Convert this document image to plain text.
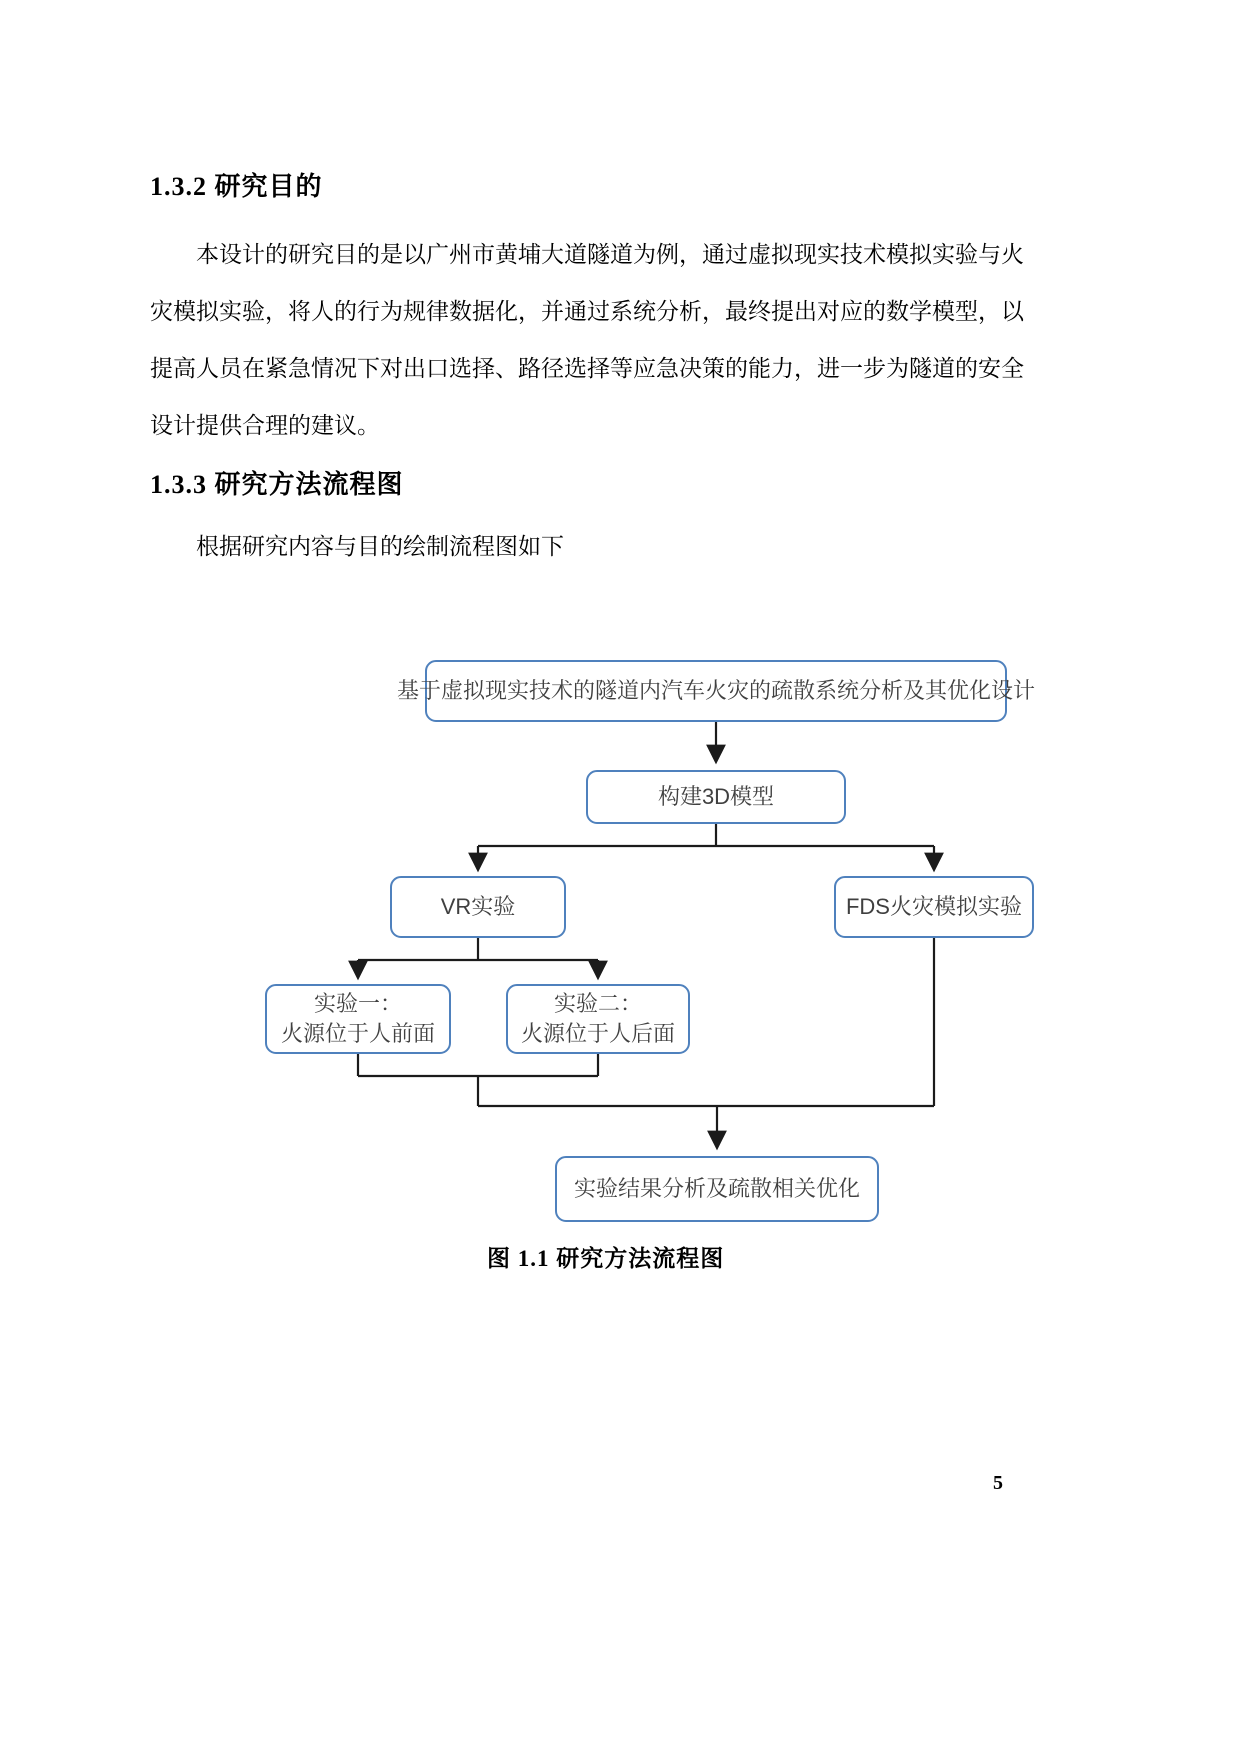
1.3.2 研究目的
本设计的研究目的是以广州市黄埔大道隧道为例，通过虚拟现实技术模拟实验与火灾模拟实验，将人的行为规律数据化，并通过系统分析，最终提出对应的数学模型，以提高人员在紧急情况下对出口选择、路径选择等应急决策的能力，进一步为隧道的安全设计提供合理的建议。
1.3.3 研究方法流程图
根据研究内容与目的绘制流程图如下
基于虚拟现实技术的隧道内汽车火灾的疏散系统分析及其优化设计
构建3D模型
VR实验	FDS火灾模拟实验
实验一：
火源位于人前面
实验二：
火源位于人后面
实验结果分析及疏散相关优化
图 1.1 研究方法流程图
5
